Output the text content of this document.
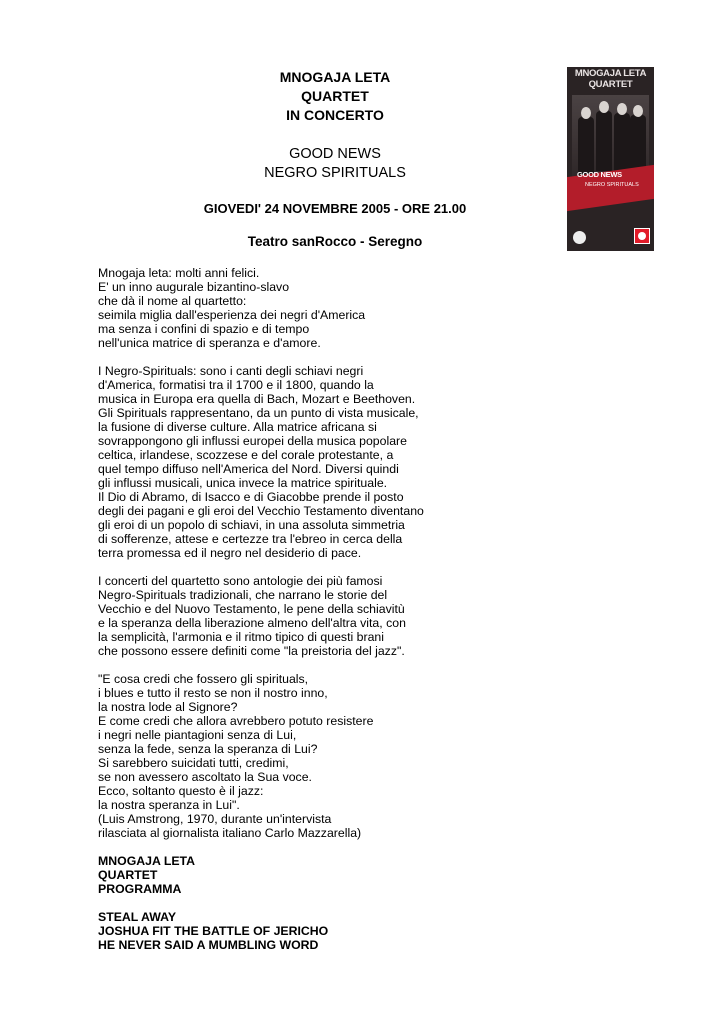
MNOGAJA LETA
QUARTET
IN CONCERTO
GOOD NEWS
NEGRO SPIRITUALS
GIOVEDI' 24 NOVEMBRE 2005 - ORE 21.00
Teatro sanRocco - Seregno
MNOGAJA LETA
QUARTET
GOOD NEWS
NEGRO SPIRITUALS
Mnogaja leta: molti anni felici.
E' un inno augurale bizantino-slavo
che dà il nome al quartetto:
seimila miglia dall'esperienza dei negri d'America
ma senza i confini di spazio e di tempo
nell'unica matrice di speranza e d'amore.
I Negro-Spirituals: sono i canti degli schiavi negri
d'America, formatisi tra il 1700 e il 1800, quando la
musica in Europa era quella di Bach, Mozart e Beethoven.
Gli Spirituals rappresentano, da un punto di vista musicale,
la fusione di diverse culture. Alla matrice africana si
sovrappongono gli influssi europei della musica popolare
celtica, irlandese, scozzese e del corale protestante, a
quel tempo diffuso nell'America del Nord. Diversi quindi
gli influssi musicali, unica invece la matrice spirituale.
Il Dio di Abramo, di Isacco e di Giacobbe prende il posto
degli dei pagani e gli eroi del Vecchio Testamento diventano
gli eroi di un popolo di schiavi, in una assoluta simmetria
di sofferenze, attese e certezze tra l'ebreo in cerca della
terra promessa ed il negro nel desiderio di pace.
I concerti del quartetto sono antologie dei più famosi
Negro-Spirituals tradizionali, che narrano le storie del
Vecchio e del Nuovo Testamento, le pene della schiavitù
e la speranza della liberazione almeno dell'altra vita, con
la semplicità, l'armonia e il ritmo tipico di questi brani
che possono essere definiti come "la preistoria del jazz".
"E cosa credi che fossero gli spirituals,
i blues e tutto il resto se non il nostro inno,
la nostra lode al Signore?
E come credi che allora avrebbero potuto resistere
i negri nelle piantagioni senza di Lui,
senza la fede, senza la speranza di Lui?
Si sarebbero suicidati tutti, credimi,
se non avessero ascoltato la Sua voce.
Ecco, soltanto questo è il jazz:
la nostra speranza in Lui".
(Luis Amstrong, 1970, durante un'intervista
rilasciata al giornalista italiano Carlo Mazzarella)
MNOGAJA LETA
QUARTET
PROGRAMMA
STEAL AWAY
JOSHUA FIT THE BATTLE OF JERICHO
HE NEVER SAID A MUMBLING WORD
